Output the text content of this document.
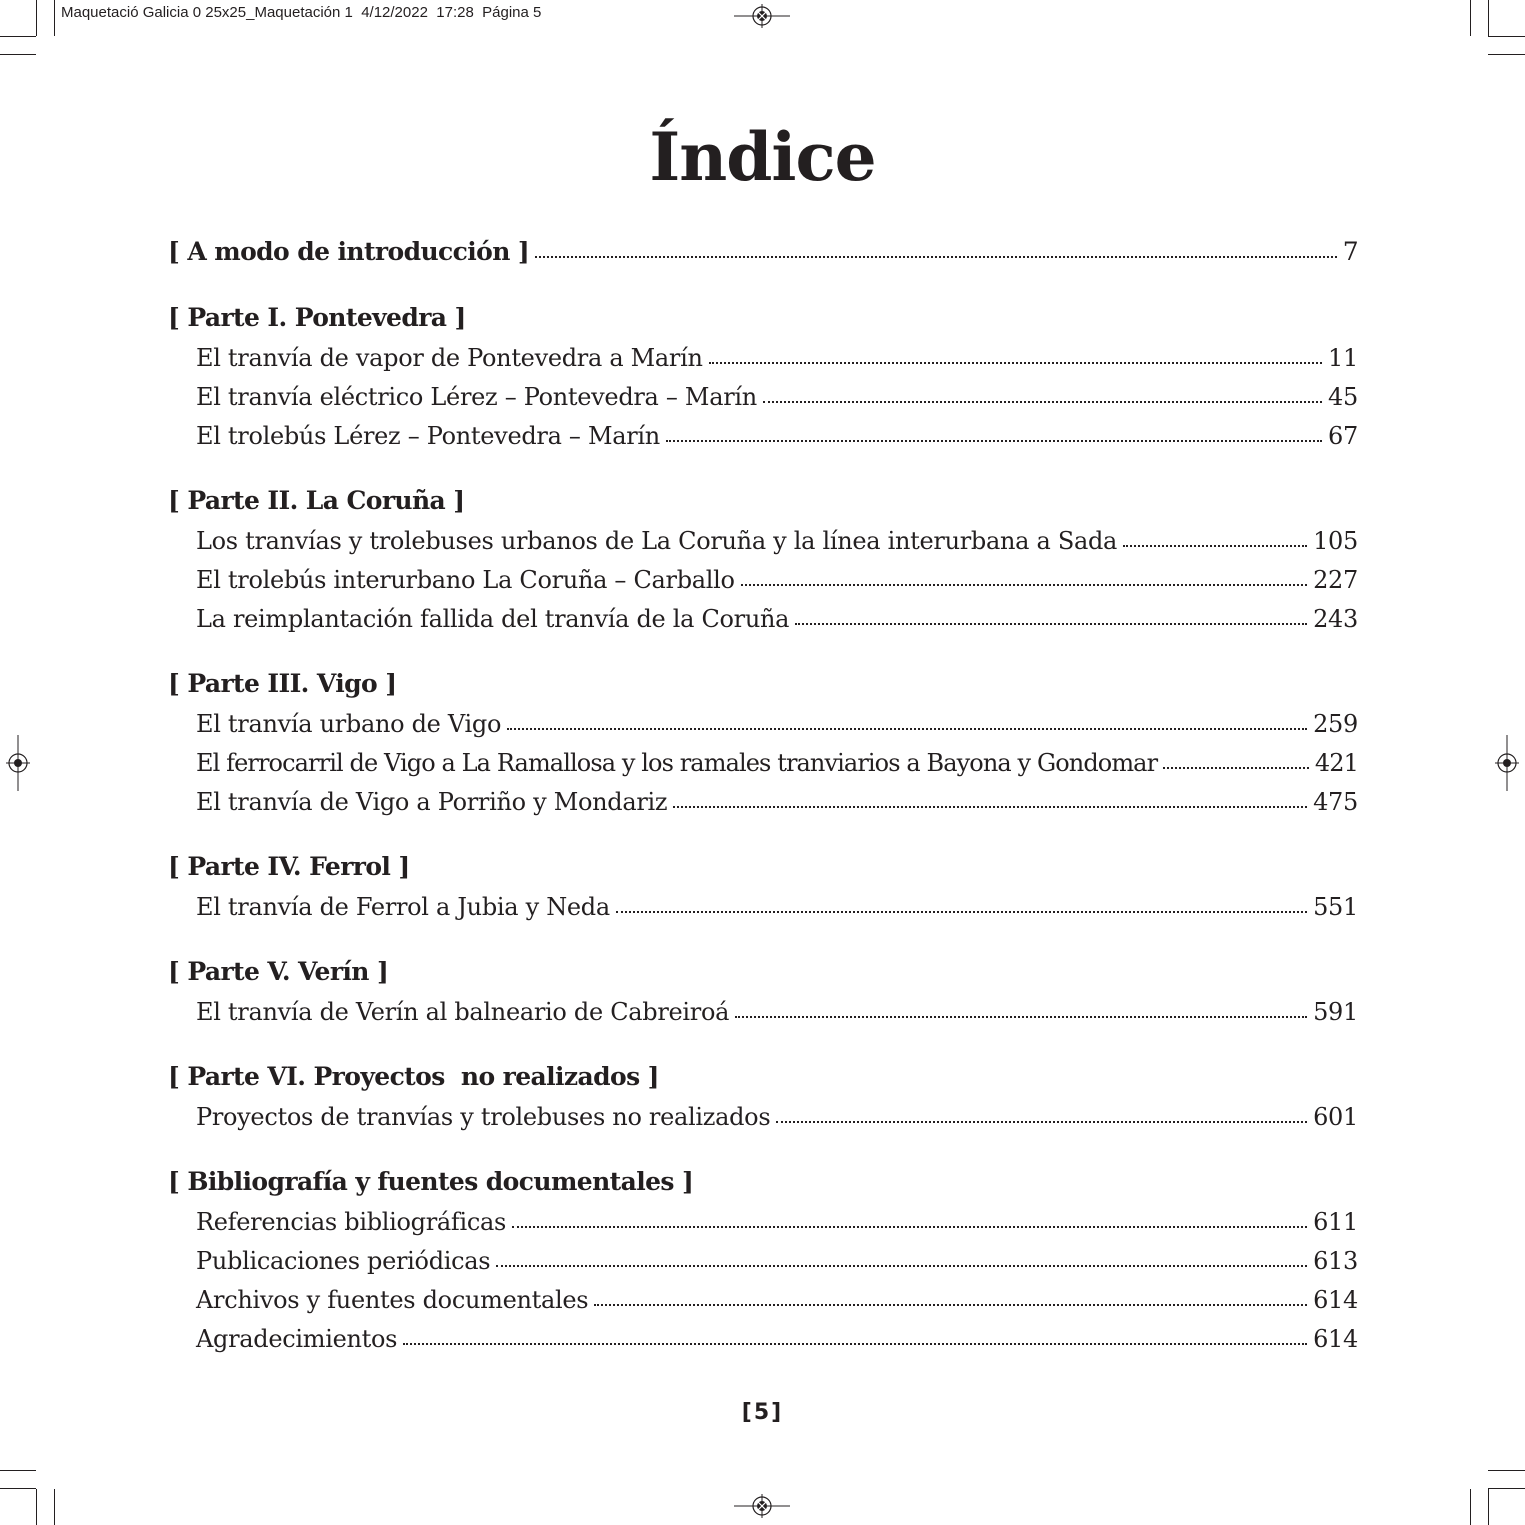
Maquetació Galicia 0 25x25_Maquetación 1  4/12/2022  17:28  Página 5
Índice
[ A modo de introducción ]	7
[ Parte I. Pontevedra ]
El tranvía de vapor de Pontevedra a Marín	11
El tranvía eléctrico Lérez – Pontevedra – Marín	45
El trolebús Lérez – Pontevedra – Marín	67
[ Parte II. La Coruña ]
Los tranvías y trolebuses urbanos de La Coruña y la línea interurbana a Sada	105
El trolebús interurbano La Coruña – Carballo	227
La reimplantación fallida del tranvía de la Coruña	243
[ Parte III. Vigo ]
El tranvía urbano de Vigo	259
El ferrocarril de Vigo a La Ramallosa y los ramales tranviarios a Bayona y Gondomar	421
El tranvía de Vigo a Porriño y Mondariz	475
[ Parte IV. Ferrol ]
El tranvía de Ferrol a Jubia y Neda	551
[ Parte V. Verín ]
El tranvía de Verín al balneario de Cabreiroá	591
[ Parte VI. Proyectos  no realizados ]
Proyectos de tranvías y trolebuses no realizados	601
[ Bibliografía y fuentes documentales ]
Referencias bibliográficas	611
Publicaciones periódicas	613
Archivos y fuentes documentales	614
Agradecimientos	614
[5]
